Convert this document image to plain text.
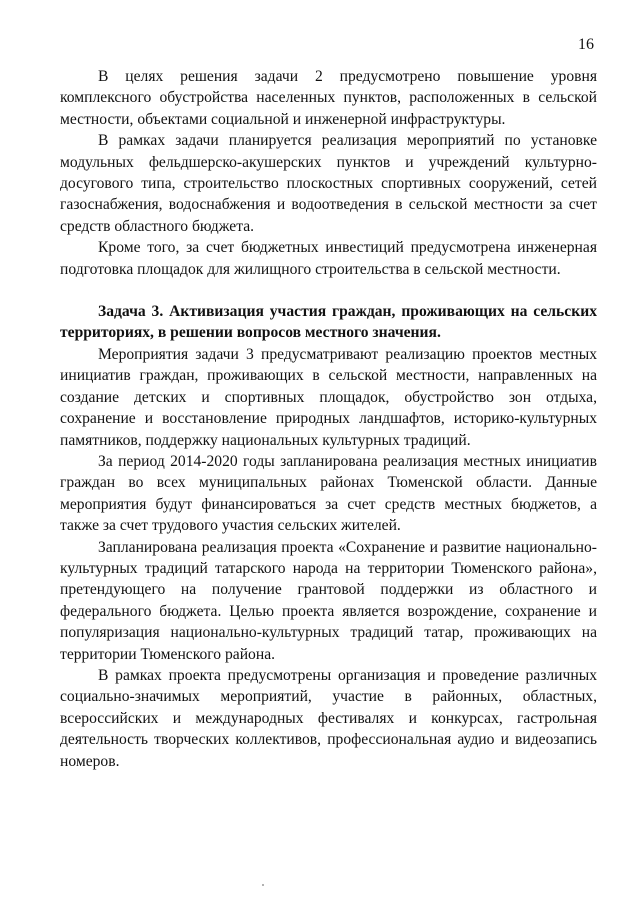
16

В целях решения задачи 2 предусмотрено повышение уровня комплексного обустройства населенных пунктов, расположенных в сельской местности, объектами социальной и инженерной инфраструктуры.

В рамках задачи планируется реализация мероприятий по установке модульных фельдшерско-акушерских пунктов и учреждений культурно-досугового типа, строительство плоскостных спортивных сооружений, сетей газоснабжения, водоснабжения и водоотведения в сельской местности за счет средств областного бюджета.

Кроме того, за счет бюджетных инвестиций предусмотрена инженерная подготовка площадок для жилищного строительства в сельской местности.

Задача 3. Активизация участия граждан, проживающих на сельских территориях, в решении вопросов местного значения.

Мероприятия задачи 3 предусматривают реализацию проектов местных инициатив граждан, проживающих в сельской местности, направленных на создание детских и спортивных площадок, обустройство зон отдыха, сохранение и восстановление природных ландшафтов, историко-культурных памятников, поддержку национальных культурных традиций.

За период 2014-2020 годы запланирована реализация местных инициатив граждан во всех муниципальных районах Тюменской области. Данные мероприятия будут финансироваться за счет средств местных бюджетов, а также за счет трудового участия сельских жителей.

Запланирована реализация проекта «Сохранение и развитие национально-культурных традиций татарского народа на территории Тюменского района», претендующего на получение грантовой поддержки из областного и федерального бюджета. Целью проекта является возрождение, сохранение и популяризация национально-культурных традиций татар, проживающих на территории Тюменского района.

В рамках проекта предусмотрены организация и проведение различных социально-значимых мероприятий, участие в районных, областных, всероссийских и международных фестивалях и конкурсах, гастрольная деятельность творческих коллективов, профессиональная аудио и видеозапись номеров.
